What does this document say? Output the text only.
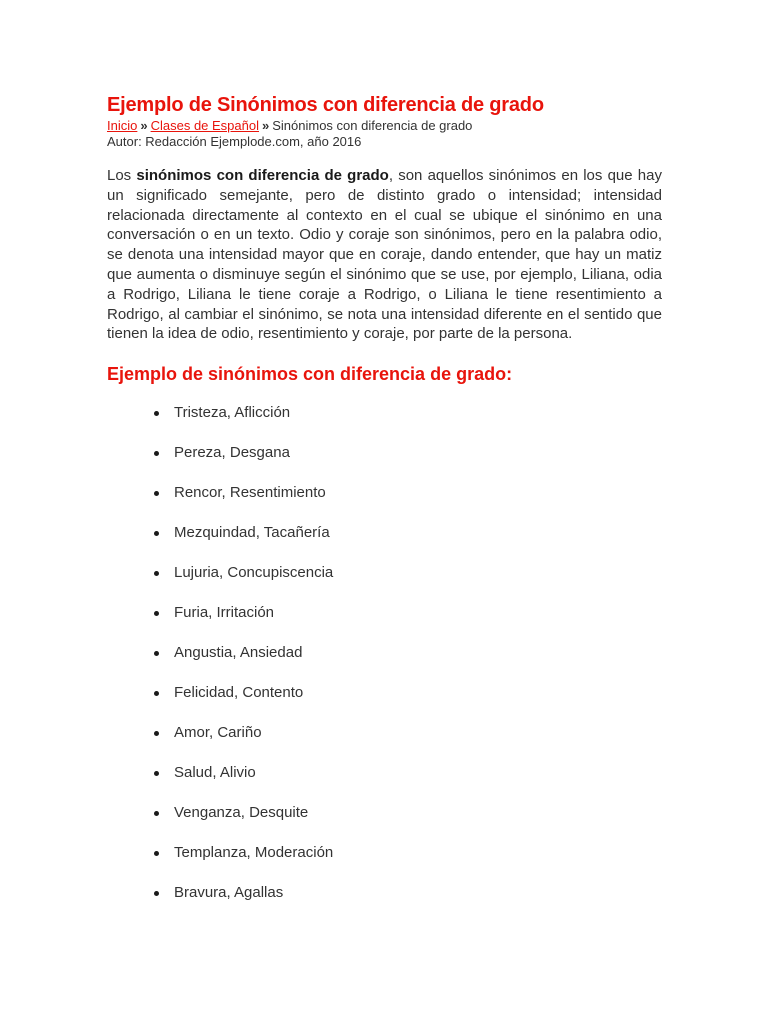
Ejemplo de Sinónimos con diferencia de grado
Inicio » Clases de Español » Sinónimos con diferencia de grado
Autor: Redacción Ejemplode.com, año 2016

Los sinónimos con diferencia de grado, son aquellos sinónimos en los que hay un significado semejante, pero de distinto grado o intensidad; intensidad relacionada directamente al contexto en el cual se ubique el sinónimo en una conversación o en un texto. Odio y coraje son sinónimos, pero en la palabra odio, se denota una intensidad mayor que en coraje, dando entender, que hay un matiz que aumenta o disminuye según el sinónimo que se use, por ejemplo, Liliana, odia a Rodrigo, Liliana le tiene coraje a Rodrigo, o Liliana le tiene resentimiento a Rodrigo, al cambiar el sinónimo, se nota una intensidad diferente en el sentido que tienen la idea de odio, resentimiento y coraje, por parte de la persona.

Ejemplo de sinónimos con diferencia de grado:
Tristeza, Aflicción
Pereza, Desgana
Rencor, Resentimiento
Mezquindad, Tacañería
Lujuria, Concupiscencia
Furia, Irritación
Angustia, Ansiedad
Felicidad, Contento
Amor, Cariño
Salud, Alivio
Venganza, Desquite
Templanza, Moderación
Bravura, Agallas
